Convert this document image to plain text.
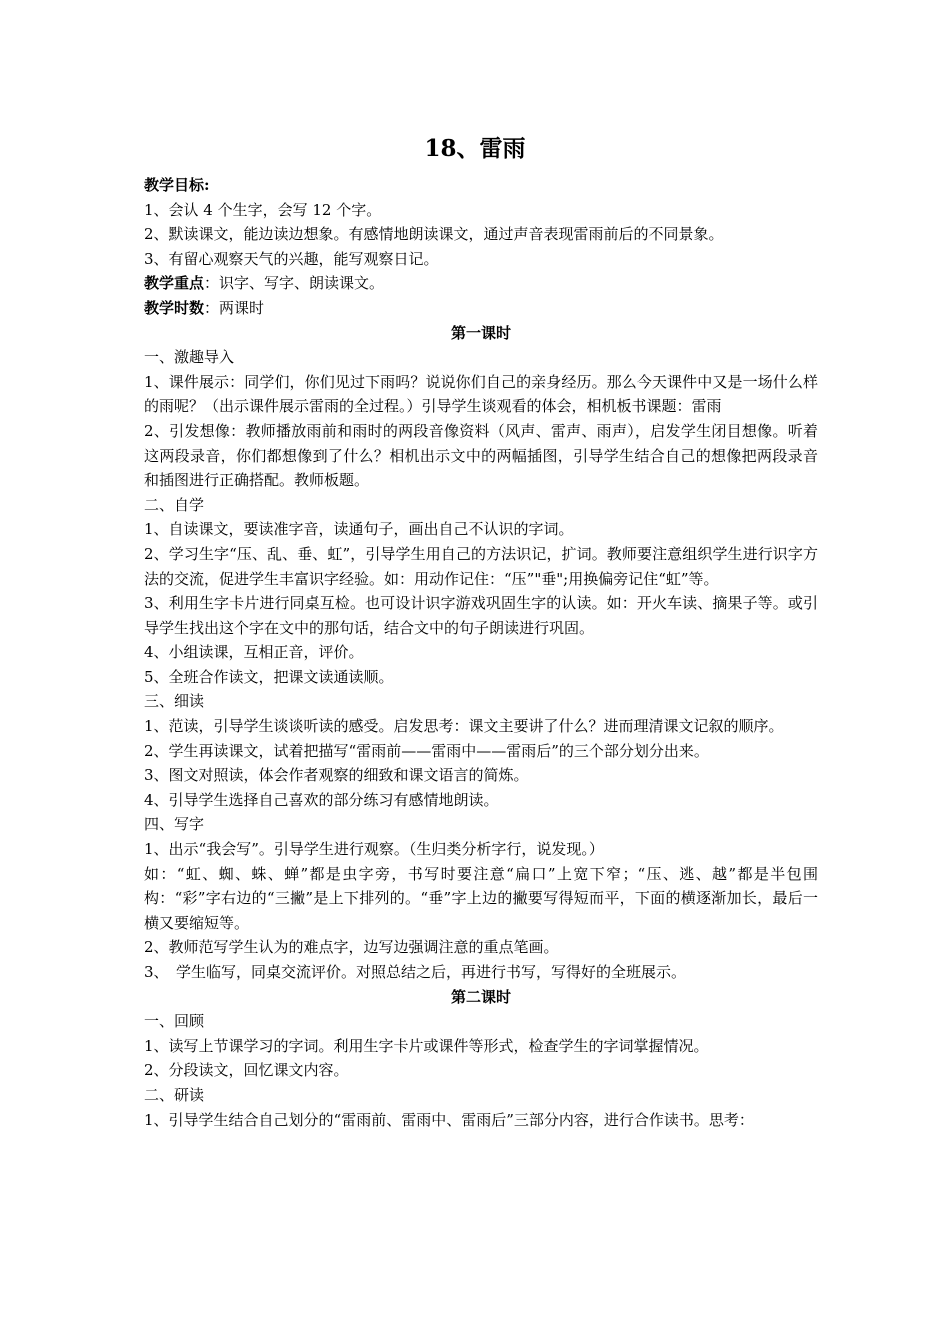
18、雷雨
教学目标:
1、会认 4 个生字，会写 12 个字。
2、默读课文，能边读边想象。有感情地朗读课文，通过声音表现雷雨前后的不同景象。
3、有留心观察天气的兴趣，能写观察日记。
教学重点：识字、写字、朗读课文。
教学时数：两课时
第一课时
一、激趣导入
1、课件展示：同学们，你们见过下雨吗？说说你们自己的亲身经历。那么今天课件中又是一场什么样的雨呢？（出示课件展示雷雨的全过程。）引导学生谈观看的体会，相机板书课题：雷雨
2、引发想像：教师播放雨前和雨时的两段音像资料（风声、雷声、雨声），启发学生闭目想像。听着这两段录音，你们都想像到了什么？相机出示文中的两幅插图，引导学生结合自己的想像把两段录音和插图进行正确搭配。教师板题。
二、自学
1、自读课文，要读准字音，读通句子，画出自己不认识的字词。
2、学习生字“压、乱、垂、虹”，引导学生用自己的方法识记，扩词。教师要注意组织学生进行识字方法的交流，促进学生丰富识字经验。如：用动作记住：“压”"垂";用换偏旁记住“虹”等。
3、利用生字卡片进行同桌互检。也可设计识字游戏巩固生字的认读。如：开火车读、摘果子等。或引导学生找出这个字在文中的那句话，结合文中的句子朗读进行巩固。
4、小组读课，互相正音，评价。
5、全班合作读文，把课文读通读顺。
三、细读
1、范读，引导学生谈谈听读的感受。启发思考：课文主要讲了什么？进而理清课文记叙的顺序。
2、学生再读课文，试着把描写“雷雨前——雷雨中——雷雨后”的三个部分划分出来。
3、图文对照读，体会作者观察的细致和课文语言的简炼。
4、引导学生选择自己喜欢的部分练习有感情地朗读。
四、写字
1、出示“我会写”。引导学生进行观察。（生归类分析字行，说发现。）
如：“虹、蜘、蛛、蝉”都是虫字旁，书写时要注意“扁口”上宽下窄；“压、逃、越”都是半包围构：“彩”字右边的“三撇”是上下排列的。“垂”字上边的撇要写得短而平，下面的横逐渐加长，最后一横又要缩短等。
2、教师范写学生认为的难点字，边写边强调注意的重点笔画。
3、　学生临写，同桌交流评价。对照总结之后，再进行书写，写得好的全班展示。
第二课时
一、回顾
1、读写上节课学习的字词。利用生字卡片或课件等形式，检查学生的字词掌握情况。
2、分段读文，回忆课文内容。
二、研读
1、引导学生结合自己划分的“雷雨前、雷雨中、雷雨后”三部分内容，进行合作读书。思考：
